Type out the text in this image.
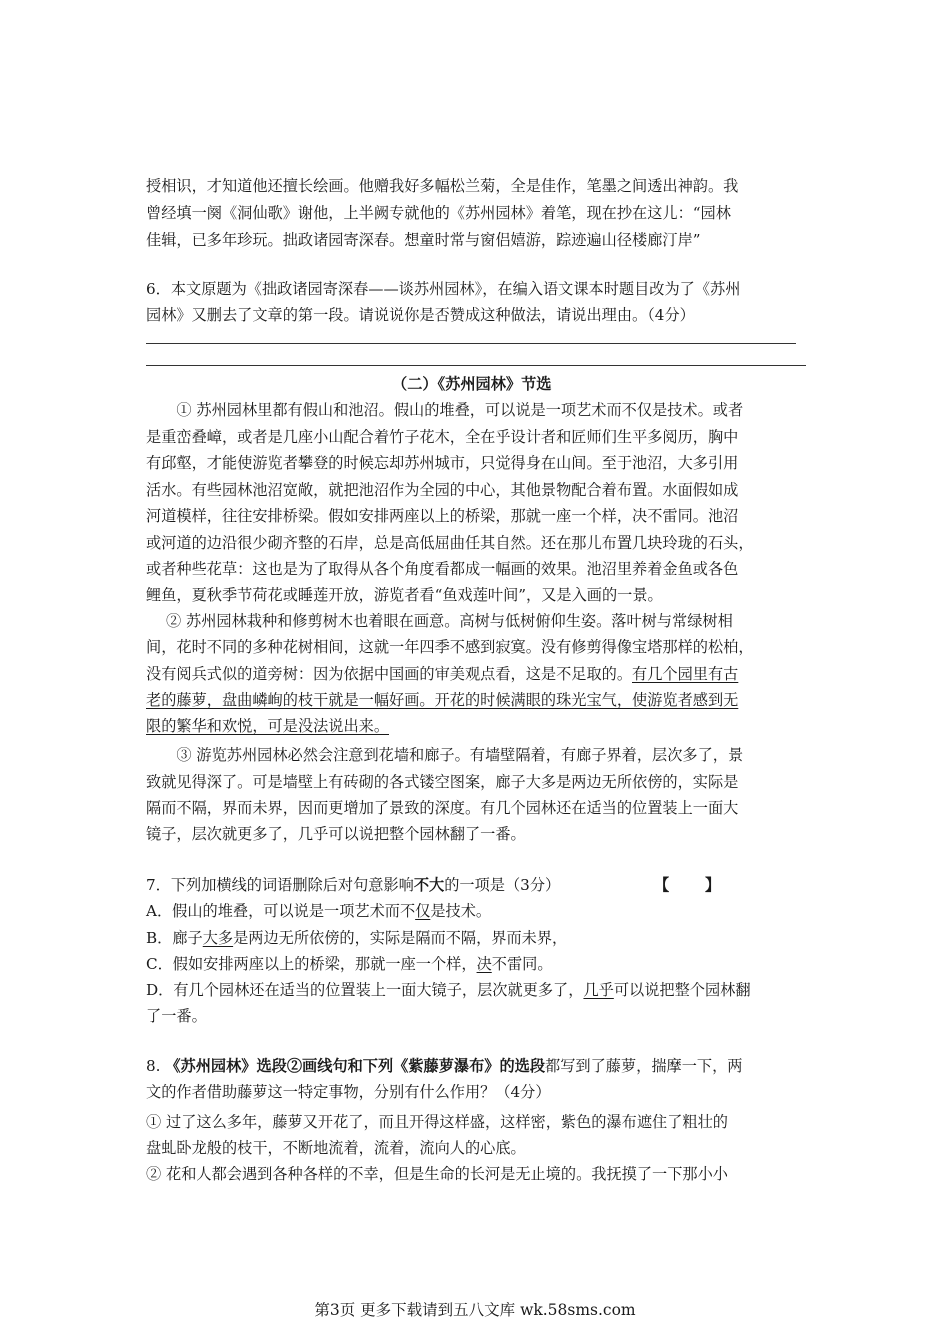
授相识，才知道他还擅长绘画。他赠我好多幅松兰菊，全是佳作，笔墨之间透出神韵。我
曾经填一阕《洞仙歌》谢他，上半阙专就他的《苏州园林》着笔，现在抄在这儿：“园林
佳辑，已多年珍玩。拙政诸园寄深春。想童时常与窗侣嬉游，踪迹遍山径楼廊汀岸”
6．本文原题为《拙政诸园寄深春——谈苏州园林》，在编入语文课本时题目改为了《苏州
园林》又删去了文章的第一段。请说说你是否赞成这种做法，请说出理由。（4分）
（二）《苏州园林》节选
　　① 苏州园林里都有假山和池沼。假山的堆叠，可以说是一项艺术而不仅是技术。或者
是重峦叠嶂，或者是几座小山配合着竹子花木，全在乎设计者和匠师们生平多阅历，胸中
有邱壑，才能使游览者攀登的时候忘却苏州城市，只觉得身在山间。至于池沼，大多引用
活水。有些园林池沼宽敞，就把池沼作为全园的中心，其他景物配合着布置。水面假如成
河道模样，往往安排桥梁。假如安排两座以上的桥梁，那就一座一个样，决不雷同。池沼
或河道的边沿很少砌齐整的石岸，总是高低屈曲任其自然。还在那儿布置几块玲珑的石头，
或者种些花草：这也是为了取得从各个角度看都成一幅画的效果。池沼里养着金鱼或各色
鲤鱼，夏秋季节荷花或睡莲开放，游览者看“鱼戏莲叶间”，又是入画的一景。
　 ② 苏州园林栽种和修剪树木也着眼在画意。高树与低树俯仰生姿。落叶树与常绿树相
间，花时不同的多种花树相间，这就一年四季不感到寂寞。没有修剪得像宝塔那样的松柏，
没有阅兵式似的道旁树：因为依据中国画的审美观点看，这是不足取的。有几个园里有古
老的藤萝，盘曲嶙峋的枝干就是一幅好画。开花的时候满眼的珠光宝气，使游览者感到无
限的繁华和欢悦，可是没法说出来。
　　③ 游览苏州园林必然会注意到花墙和廊子。有墙壁隔着，有廊子界着，层次多了，景
致就见得深了。可是墙壁上有砖砌的各式镂空图案，廊子大多是两边无所依傍的，实际是
隔而不隔，界而未界，因而更增加了景致的深度。有几个园林还在适当的位置装上一面大
镜子，层次就更多了，几乎可以说把整个园林翻了一番。
7．下列加横线的词语删除后对句意影响不大的一项是（3分）	【 】
A．假山的堆叠，可以说是一项艺术而不仅是技术。
B．廊子大多是两边无所依傍的，实际是隔而不隔，界而未界，
C．假如安排两座以上的桥梁，那就一座一个样，决不雷同。
D．有几个园林还在适当的位置装上一面大镜子，层次就更多了，几乎可以说把整个园林翻
了一番。
8. 《苏州园林》选段②画线句和下列《紫藤萝瀑布》的选段都写到了藤萝，揣摩一下，两
文的作者借助藤萝这一特定事物，分别有什么作用？（4分）
① 过了这么多年，藤萝又开花了，而且开得这样盛，这样密，紫色的瀑布遮住了粗壮的
盘虬卧龙般的枝干，不断地流着，流着，流向人的心底。
② 花和人都会遇到各种各样的不幸，但是生命的长河是无止境的。我抚摸了一下那小小
第3页 更多下载请到五八文库 wk.58sms.com
